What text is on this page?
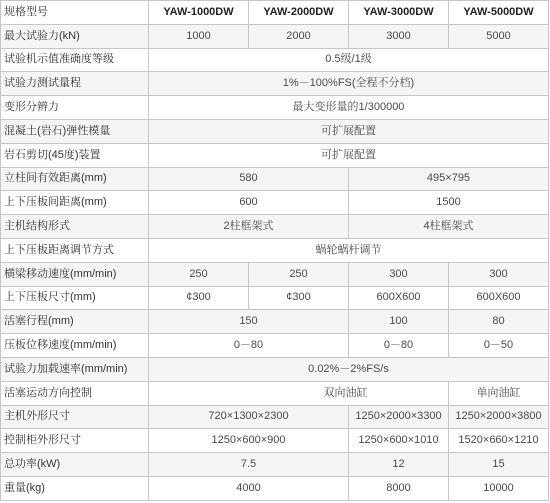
规格型号	YAW-1000DW	YAW-2000DW	YAW-3000DW	YAW-5000DW
最大试验力(kN)	1000	2000	3000	5000
试验机示值准确度等级	0.5级/1级			
试验力测试量程	1%－100%FS(全程不分档)			
变形分辨力	最大变形量的1/300000			
混凝土(岩石)弹性模量	可扩展配置			
岩石剪切(45度)装置	可扩展配置			
立柱间有效距离(mm)	580		495×795	
上下压板间距离(mm)	600		1500	
主机结构形式	2柱框架式		4柱框架式	
上下压板距离调节方式	蜗轮蜗杆调节			
横梁移动速度(mm/min)	250	250	300	300
上下压板尺寸(mm)	¢300	¢300	600X600	600X600
活塞行程(mm)	150		100	80
压板位移速度(mm/min)	0－80		0－80	0－50
试验力加载速率(mm/min)	0.02%－2%FS/s			
活塞运动方向控制	双向油缸			单向油缸
主机外形尺寸	720×1300×2300		1250×2000×3300	1250×2000×3800
控制柜外形尺寸	1250×600×900		1250×600×1010	1520×660×1210
总功率(kW)	7.5		12	15
重量(kg)	4000		8000	10000
